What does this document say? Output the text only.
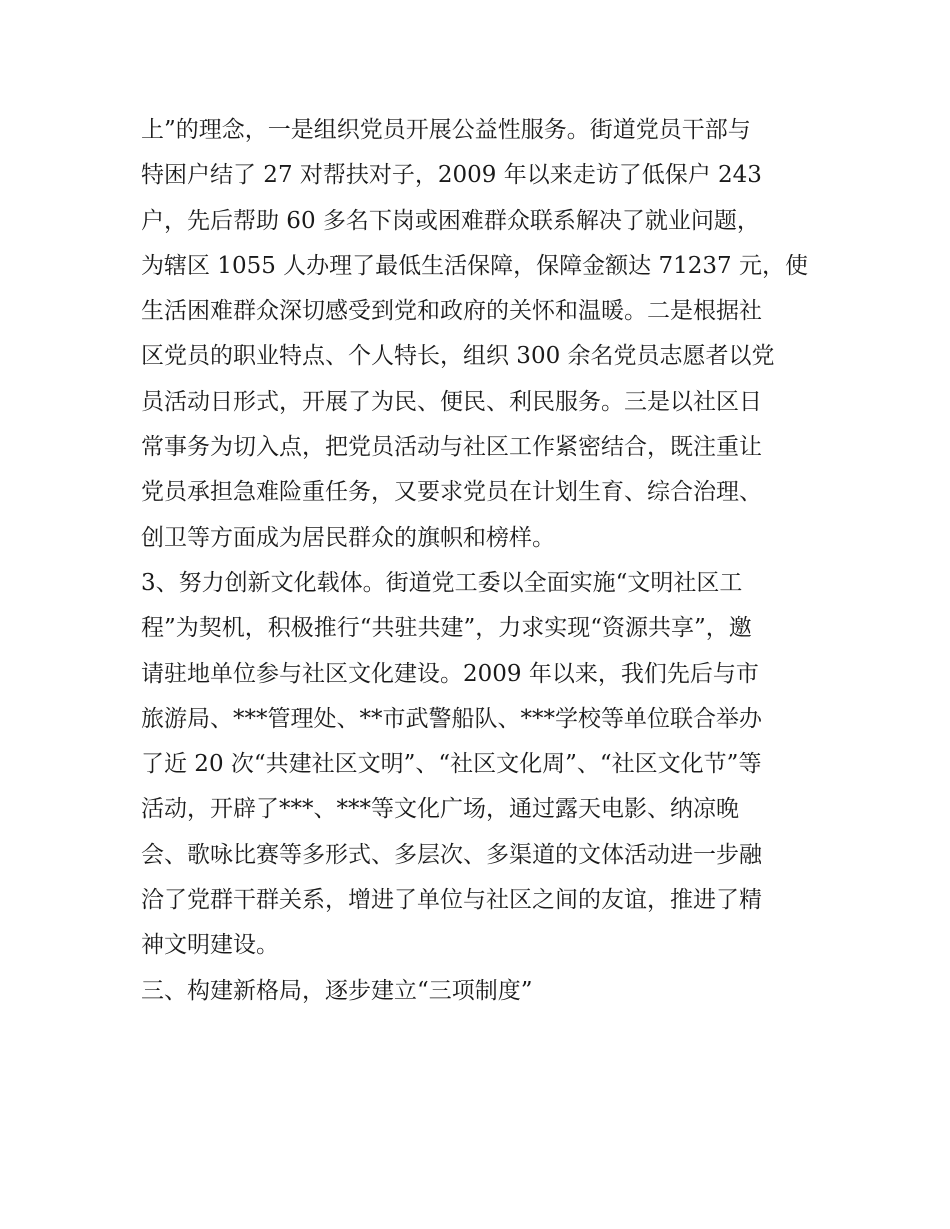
上”的理念，一是组织党员开展公益性服务。街道党员干部与
特困户结了 27 对帮扶对子，2009 年以来走访了低保户 243
户，先后帮助 60 多名下岗或困难群众联系解决了就业问题，
为辖区 1055 人办理了最低生活保障，保障金额达 71237 元，使
生活困难群众深切感受到党和政府的关怀和温暖。二是根据社
区党员的职业特点、个人特长，组织 300 余名党员志愿者以党
员活动日形式，开展了为民、便民、利民服务。三是以社区日
常事务为切入点，把党员活动与社区工作紧密结合，既注重让
党员承担急难险重任务，又要求党员在计划生育、综合治理、
创卫等方面成为居民群众的旗帜和榜样。
3、努力创新文化载体。街道党工委以全面实施“文明社区工
程”为契机，积极推行“共驻共建”，力求实现“资源共享”，邀
请驻地单位参与社区文化建设。2009 年以来，我们先后与市
旅游局、***管理处、**市武警船队、***学校等单位联合举办
了近 20 次“共建社区文明”、“社区文化周”、“社区文化节”等
活动，开辟了***、***等文化广场，通过露天电影、纳凉晚
会、歌咏比赛等多形式、多层次、多渠道的文体活动进一步融
洽了党群干群关系，增进了单位与社区之间的友谊，推进了精
神文明建设。
三、构建新格局，逐步建立“三项制度”
